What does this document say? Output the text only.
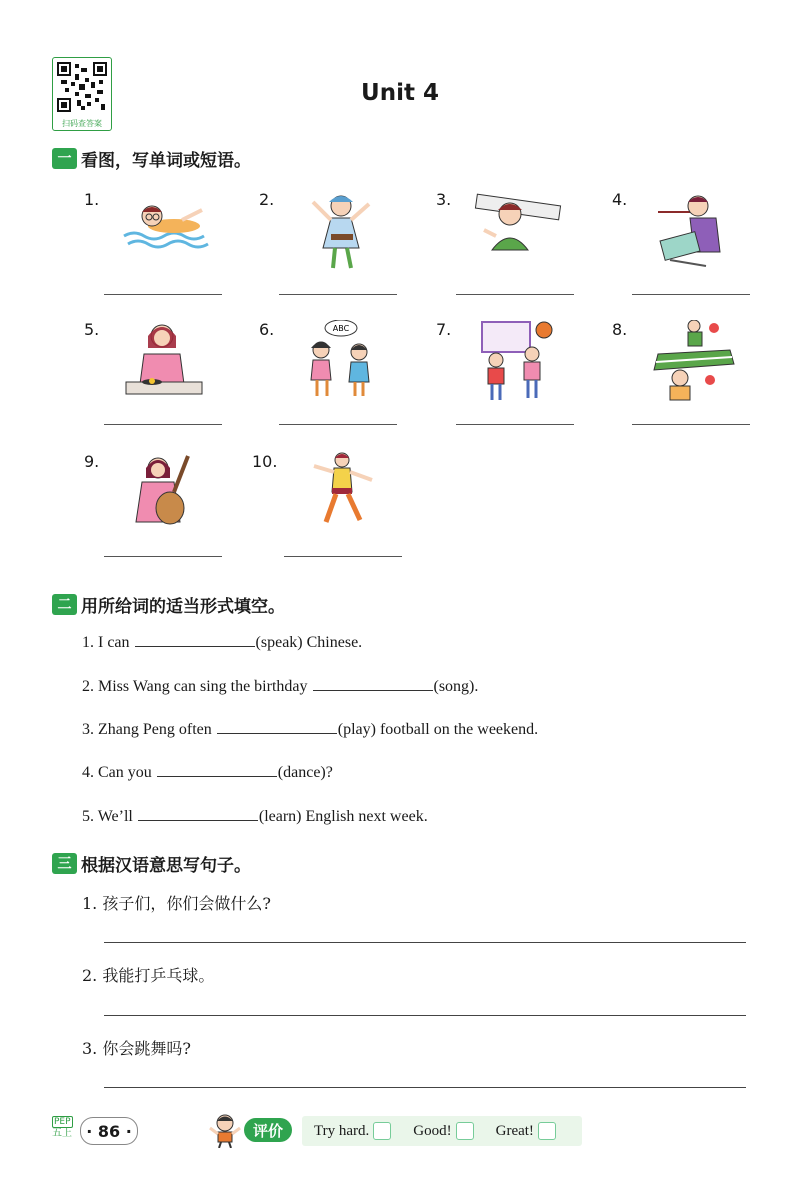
扫码查答案
Unit 4
一 看图，写单词或短语。
1.	2.	3.	4.
5.	6.	ABC	7.	8.
9.	10.
二 用所给词的适当形式填空。
1. I can	(speak) Chinese.
2. Miss Wang can sing the birthday	(song).
3. Zhang Peng often	(play) football on the weekend.
4. Can you	(dance)?
5. We’ll	(learn) English next week.
三 根据汉语意思写句子。
1. 孩子们，你们会做什么?
2. 我能打乒乓球。
3. 你会跳舞吗?
PEP
五上 · 86 ·	评价	Try hard.	Good!	Great!
